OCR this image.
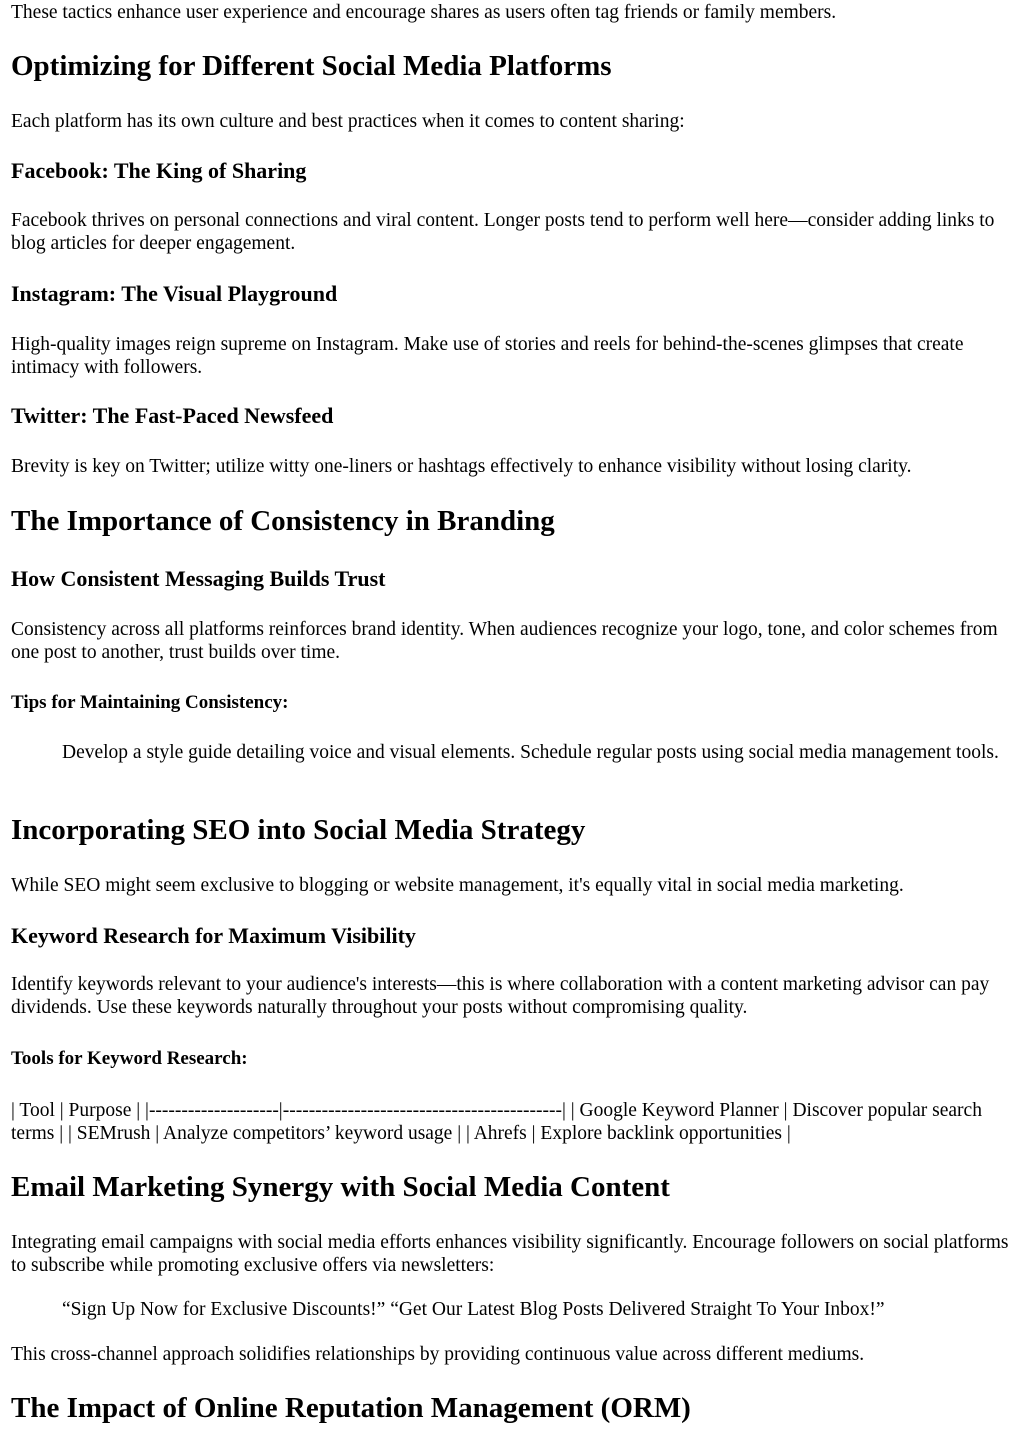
These tactics enhance user experience and encourage shares as users often tag friends or family members.

Optimizing for Different Social Media Platforms

Each platform has its own culture and best practices when it comes to content sharing:

Facebook: The King of Sharing

Facebook thrives on personal connections and viral content. Longer posts tend to perform well here—consider adding links to blog articles for deeper engagement.

Instagram: The Visual Playground

High-quality images reign supreme on Instagram. Make use of stories and reels for behind-the-scenes glimpses that create intimacy with followers.

Twitter: The Fast-Paced Newsfeed

Brevity is key on Twitter; utilize witty one-liners or hashtags effectively to enhance visibility without losing clarity.

The Importance of Consistency in Branding
How Consistent Messaging Builds Trust

Consistency across all platforms reinforces brand identity. When audiences recognize your logo, tone, and color schemes from one post to another, trust builds over time.

Tips for Maintaining Consistency:
Develop a style guide detailing voice and visual elements. Schedule regular posts using social media management tools.
Incorporating SEO into Social Media Strategy

While SEO might seem exclusive to blogging or website management, it's equally vital in social media marketing.

Keyword Research for Maximum Visibility

Identify keywords relevant to your audience's interests—this is where collaboration with a content marketing advisor can pay dividends. Use these keywords naturally throughout your posts without compromising quality.

Tools for Keyword Research:

| Tool | Purpose | |--------------------|-------------------------------------------| | Google Keyword Planner | Discover popular search terms | | SEMrush | Analyze competitors’ keyword usage | | Ahrefs | Explore backlink opportunities |

Email Marketing Synergy with Social Media Content

Integrating email campaigns with social media efforts enhances visibility significantly. Encourage followers on social platforms to subscribe while promoting exclusive offers via newsletters:

“Sign Up Now for Exclusive Discounts!” “Get Our Latest Blog Posts Delivered Straight To Your Inbox!”

This cross-channel approach solidifies relationships by providing continuous value across different mediums.

The Impact of Online Reputation Management (ORM)
